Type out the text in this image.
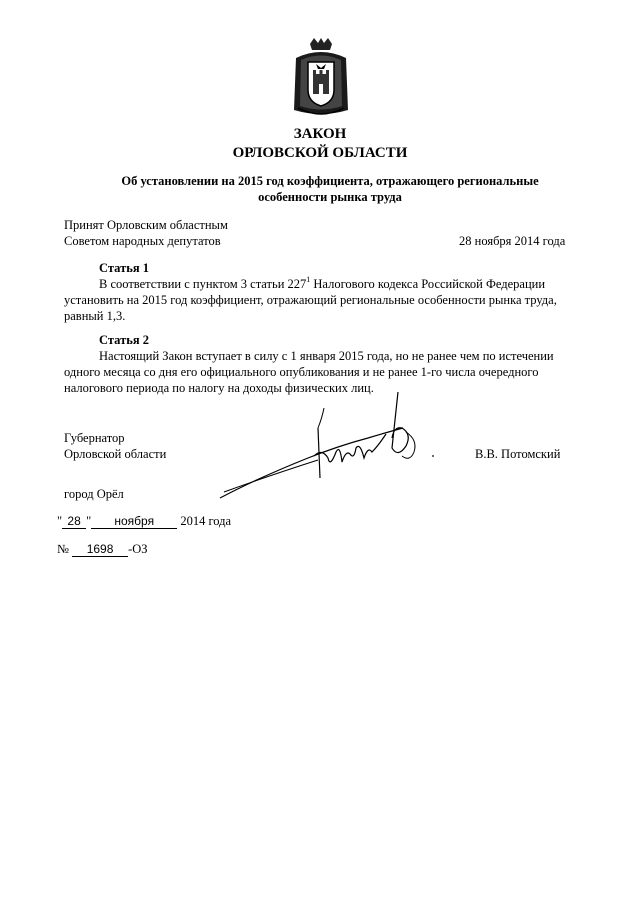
ЗАКОН
ОРЛОВСКОЙ ОБЛАСТИ
Об установлении на 2015 год коэффициента, отражающего региональные
особенности рынка труда
Принят Орловским областным
Советом народных депутатов	28 ноября 2014 года
Статья 1
В соответствии с пунктом 3 статьи $227^1$ Налогового кодекса Российской Федерации
установить на 2015 год коэффициент, отражающий региональные особенности рынка труда,
равный 1,3.
Статья 2
Настоящий Закон вступает в силу с 1 января 2015 года, но не ранее чем по истечении
одного месяца со дня его официального опубликования и не ранее 1-го числа очередного
налогового периода по налогу на доходы физических лиц.
Губернатор
Орловской области	В.В. Потомский
город Орёл
" 28 " ноября 2014 года
№ 1698 -ОЗ
